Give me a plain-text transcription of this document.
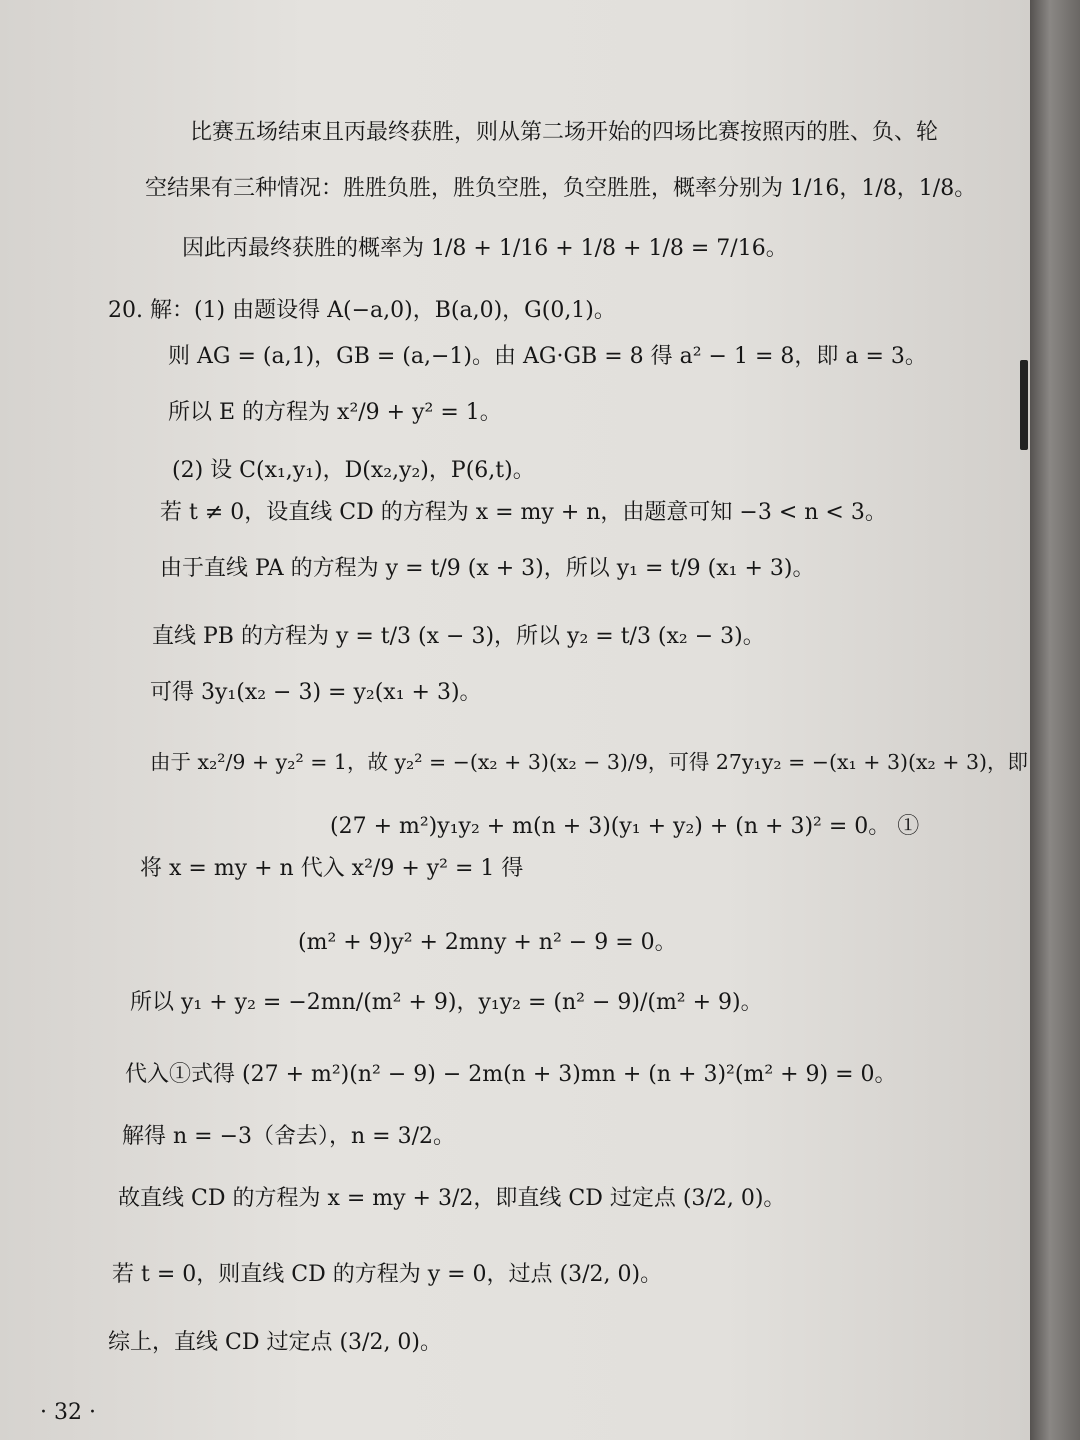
比赛五场结束且丙最终获胜，则从第二场开始的四场比赛按照丙的胜、负、轮
空结果有三种情况：胜胜负胜，胜负空胜，负空胜胜，概率分别为 1/16，1/8，1/8。
因此丙最终获胜的概率为 1/8 + 1/16 + 1/8 + 1/8 = 7/16。
20. 解：(1) 由题设得 A(−a,0)，B(a,0)，G(0,1)。
则 AG = (a,1)，GB = (a,−1)。由 AG·GB = 8 得 a² − 1 = 8，即 a = 3。
所以 E 的方程为 x²/9 + y² = 1。
(2) 设 C(x₁,y₁)，D(x₂,y₂)，P(6,t)。
若 t ≠ 0，设直线 CD 的方程为 x = my + n，由题意可知 −3 < n < 3。
由于直线 PA 的方程为 y = t/9 (x + 3)，所以 y₁ = t/9 (x₁ + 3)。
直线 PB 的方程为 y = t/3 (x − 3)，所以 y₂ = t/3 (x₂ − 3)。
可得 3y₁(x₂ − 3) = y₂(x₁ + 3)。
由于 x₂²/9 + y₂² = 1，故 y₂² = −(x₂ + 3)(x₂ − 3)/9，可得 27y₁y₂ = −(x₁ + 3)(x₂ + 3)，即
(27 + m²)y₁y₂ + m(n + 3)(y₁ + y₂) + (n + 3)² = 0。 ①
将 x = my + n 代入 x²/9 + y² = 1 得
(m² + 9)y² + 2mny + n² − 9 = 0。
所以 y₁ + y₂ = −2mn/(m² + 9)，y₁y₂ = (n² − 9)/(m² + 9)。
代入①式得 (27 + m²)(n² − 9) − 2m(n + 3)mn + (n + 3)²(m² + 9) = 0。
解得 n = −3（舍去），n = 3/2。
故直线 CD 的方程为 x = my + 3/2，即直线 CD 过定点 (3/2, 0)。
若 t = 0，则直线 CD 的方程为 y = 0，过点 (3/2, 0)。
综上，直线 CD 过定点 (3/2, 0)。
· 32 ·
